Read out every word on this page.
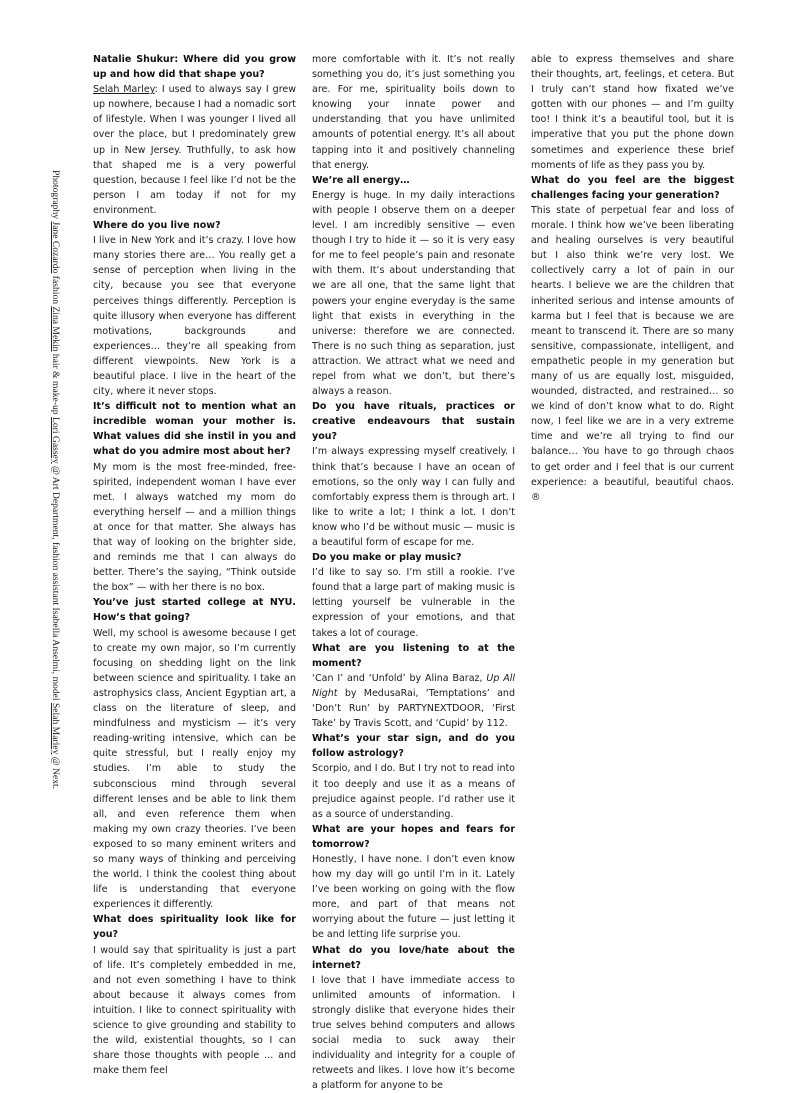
Photography Jane Cozardo fashion Zina Mekin hair & make-up Lori Gassey @ Art Department, fashion assistant Isabella Anselmi, model Selah Marley @ Next.

Natalie Shukur: Where did you grow up and how did that shape you?

Selah Marley: I used to always say I grew up nowhere, because I had a nomadic sort of lifestyle. When I was younger I lived all over the place, but I predominately grew up in New Jersey. Truthfully, to ask how that shaped me is a very powerful question, because I feel like I’d not be the person I am today if not for my environment.

Where do you live now?

I live in New York and it’s crazy. I love how many stories there are… You really get a sense of perception when living in the city, because you see that everyone perceives things differently. Perception is quite illusory when everyone has different motivations, backgrounds and experiences… they’re all speaking from different viewpoints. New York is a beautiful place. I live in the heart of the city, where it never stops.

It’s difficult not to mention what an incredible woman your mother is. What values did she instil in you and what do you admire most about her?

My mom is the most free-minded, free-spirited, independent woman I have ever met. I always watched my mom do everything herself — and a million things at once for that matter. She always has that way of looking on the brighter side, and reminds me that I can always do better. There’s the saying, “Think outside the box” — with her there is no box.

You’ve just started college at NYU. How’s that going?

Well, my school is awesome because I get to create my own major, so I’m currently focusing on shedding light on the link between science and spirituality. I take an astrophysics class, Ancient Egyptian art, a class on the literature of sleep, and mindfulness and mysticism — it’s very reading-writing intensive, which can be quite stressful, but I really enjoy my studies. I’m able to study the subconscious mind through several different lenses and be able to link them all, and even reference them when making my own crazy theories. I’ve been exposed to so many eminent writers and so many ways of thinking and perceiving the world. I think the coolest thing about life is understanding that everyone experiences it differently.

What does spirituality look like for you?

I would say that spirituality is just a part of life. It’s completely embedded in me, and not even something I have to think about because it always comes from intuition. I like to connect spirituality with science to give grounding and stability to the wild, existential thoughts, so I can share those thoughts with people … and make them feel

more comfortable with it. It’s not really something you do, it’s just something you are. For me, spirituality boils down to knowing your innate power and understanding that you have unlimited amounts of potential energy. It’s all about tapping into it and positively channeling that energy.

We’re all energy…

Energy is huge. In my daily interactions with people I observe them on a deeper level. I am incredibly sensitive — even though I try to hide it — so it is very easy for me to feel people’s pain and resonate with them. It’s about understanding that we are all one, that the same light that powers your engine everyday is the same light that exists in everything in the universe: therefore we are connected. There is no such thing as separation, just attraction. We attract what we need and repel from what we don’t, but there’s always a reason.

Do you have rituals, practices or creative endeavours that sustain you?

I’m always expressing myself creatively. I think that’s because I have an ocean of emotions, so the only way I can fully and comfortably express them is through art. I like to write a lot; I think a lot. I don’t know who I’d be without music — music is a beautiful form of escape for me.

Do you make or play music?

I’d like to say so. I’m still a rookie. I’ve found that a large part of making music is letting yourself be vulnerable in the expression of your emotions, and that takes a lot of courage.

What are you listening to at the moment?

‘Can I’ and ‘Unfold’ by Alina Baraz, Up All Night by MedusaRai, ‘Temptations’ and ‘Don’t Run’ by PARTYNEXTDOOR, ‘First Take’ by Travis Scott, and ‘Cupid’ by 112.

What’s your star sign, and do you follow astrology?

Scorpio, and I do. But I try not to read into it too deeply and use it as a means of prejudice against people. I’d rather use it as a source of understanding.

What are your hopes and fears for tomorrow?

Honestly, I have none. I don’t even know how my day will go until I’m in it. Lately I’ve been working on going with the flow more, and part of that means not worrying about the future — just letting it be and letting life surprise you.

What do you love/hate about the internet?

I love that I have immediate access to unlimited amounts of information. I strongly dislike that everyone hides their true selves behind computers and allows social media to suck away their individuality and integrity for a couple of retweets and likes. I love how it’s become a platform for anyone to be

able to express themselves and share their thoughts, art, feelings, et cetera. But I truly can’t stand how fixated we’ve gotten with our phones — and I’m guilty too! I think it’s a beautiful tool, but it is imperative that you put the phone down sometimes and experience these brief moments of life as they pass you by.

What do you feel are the biggest challenges facing your generation?

This state of perpetual fear and loss of morale. I think how we’ve been liberating and healing ourselves is very beautiful but I also think we’re very lost. We collectively carry a lot of pain in our hearts. I believe we are the children that inherited serious and intense amounts of karma but I feel that is because we are meant to transcend it. There are so many sensitive, compassionate, intelligent, and empathetic people in my generation but many of us are equally lost, misguided, wounded, distracted, and restrained… so we kind of don’t know what to do. Right now, I feel like we are in a very extreme time and we’re all trying to find our balance… You have to go through chaos to get order and I feel that is our current experience: a beautiful, beautiful chaos. ®
